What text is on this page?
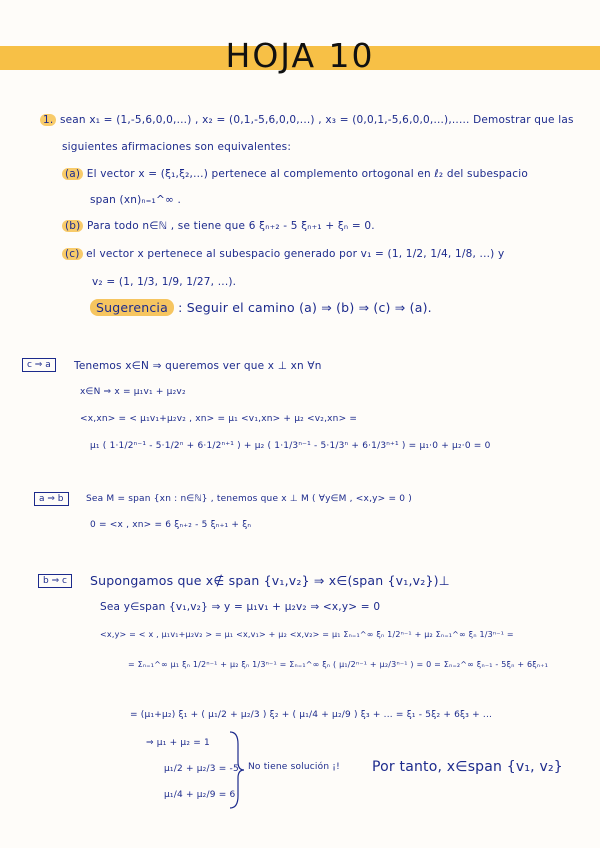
HOJA 10
1. sean x₁ = (1,-5,6,0,0,...) , x₂ = (0,1,-5,6,0,0,...) , x₃ = (0,0,1,-5,6,0,0,...),..... Demostrar que las
siguientes afirmaciones son equivalentes:
(a) El vector x = (ξ₁,ξ₂,...) pertenece al complemento ortogonal en ℓ₂ del subespacio
span (xn)ₙ₌₁^∞ .
(b) Para todo n∈ℕ , se tiene que 6 ξₙ₊₂ - 5 ξₙ₊₁ + ξₙ = 0.
(c) el vector x pertenece al subespacio generado por v₁ = (1, 1/2, 1/4, 1/8, ...) y
v₂ = (1, 1/3, 1/9, 1/27, ...).
Sugerencia : Seguir el camino (a) ⇒ (b) ⇒ (c) ⇒ (a).
c ⇒ a	Tenemos x∈N ⇒ queremos ver que x ⊥ xn ∀n
x∈N ⇒ x = μ₁v₁ + μ₂v₂
<x,xn> = < μ₁v₁+μ₂v₂ , xn> = μ₁ <v₁,xn> + μ₂ <v₂,xn> =
μ₁ ( 1·1/2ⁿ⁻¹ - 5·1/2ⁿ + 6·1/2ⁿ⁺¹ ) + μ₂ ( 1·1/3ⁿ⁻¹ - 5·1/3ⁿ + 6·1/3ⁿ⁺¹ ) = μ₁·0 + μ₂·0 = 0
a ⇒ b	Sea M = span {xn : n∈ℕ} , tenemos que x ⊥ M ( ∀y∈M , <x,y> = 0 )
0 = <x , xn> = 6 ξₙ₊₂ - 5 ξₙ₊₁ + ξₙ
b ⇒ c	Supongamos que x∉ span {v₁,v₂} ⇒ x∈(span {v₁,v₂})⊥
Sea y∈span {v₁,v₂} ⇒ y = μ₁v₁ + μ₂v₂ ⇒ <x,y> = 0
<x,y> = < x , μ₁v₁+μ₂v₂ > = μ₁ <x,v₁> + μ₂ <x,v₂> = μ₁ Σₙ₌₁^∞ ξₙ 1/2ⁿ⁻¹ + μ₂ Σₙ₌₁^∞ ξₙ 1/3ⁿ⁻¹ =
= Σₙ₌₁^∞ μ₁ ξₙ 1/2ⁿ⁻¹ + μ₂ ξₙ 1/3ⁿ⁻¹ = Σₙ₌₁^∞ ξₙ ( μ₁/2ⁿ⁻¹ + μ₂/3ⁿ⁻¹ ) = 0 = Σₙ₌₂^∞ ξₙ₋₁ - 5ξₙ + 6ξₙ₊₁
= (μ₁+μ₂) ξ₁ + ( μ₁/2 + μ₂/3 ) ξ₂ + ( μ₁/4 + μ₂/9 ) ξ₃ + ... = ξ₁ - 5ξ₂ + 6ξ₃ + ...
⇒ μ₁ + μ₂ = 1
μ₁/2 + μ₂/3 = -5
μ₁/4 + μ₂/9 = 6
No tiene solución ¡! Por tanto, x∈span {v₁, v₂}
